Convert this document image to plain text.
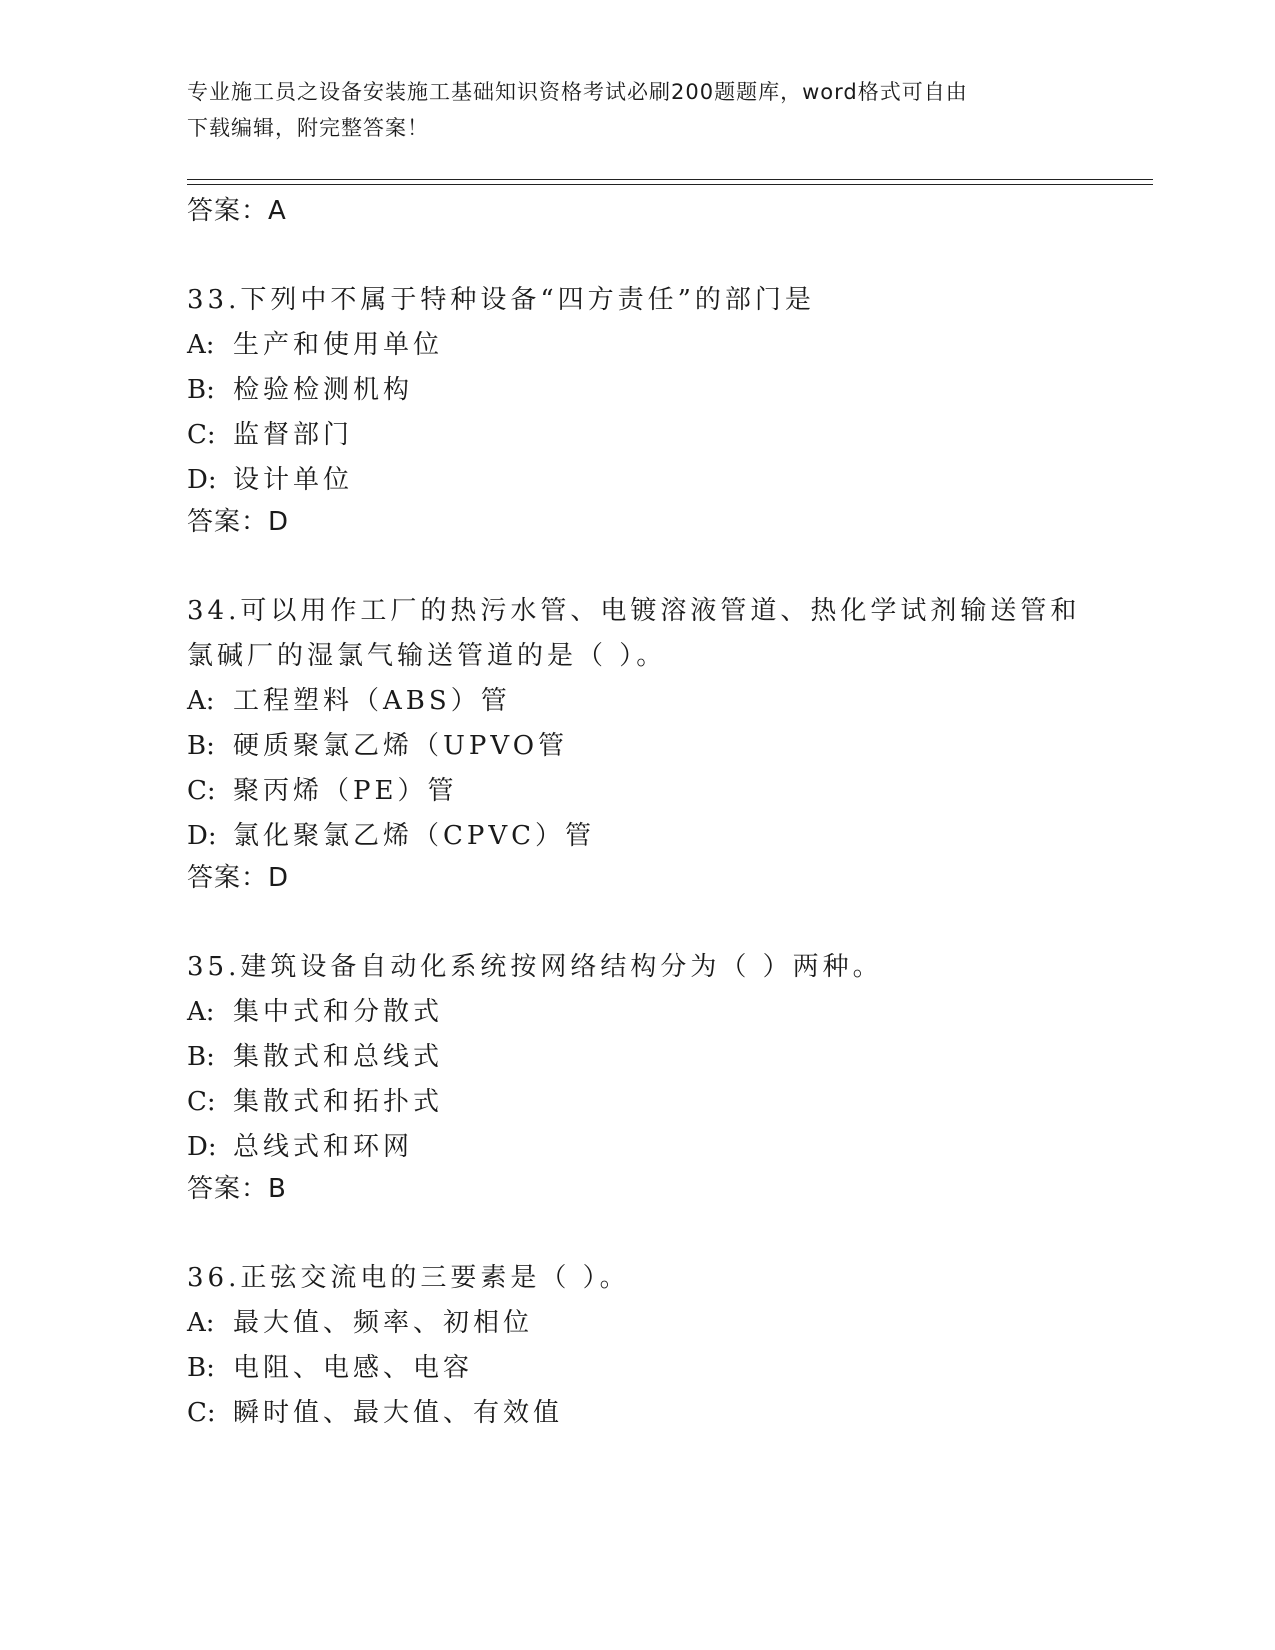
专业施工员之设备安装施工基础知识资格考试必刷200题题库，word格式可自由
下载编辑，附完整答案！
答案：A
33.下列中不属于特种设备“四方责任”的部门是
A: 生产和使用单位
B: 检验检测机构
C: 监督部门
D: 设计单位
答案：D
34.可以用作工厂的热污水管、电镀溶液管道、热化学试剂输送管和氯碱厂的湿氯气输送管道的是（ ）。
A: 工程塑料（ABS）管
B: 硬质聚氯乙烯（UPVO管
C: 聚丙烯（PE）管
D: 氯化聚氯乙烯（CPVC）管
答案：D
35.建筑设备自动化系统按网络结构分为（ ）两种。
A: 集中式和分散式
B: 集散式和总线式
C: 集散式和拓扑式
D: 总线式和环网
答案：B
36.正弦交流电的三要素是（ ）。
A: 最大值、频率、初相位
B: 电阻、电感、电容
C: 瞬时值、最大值、有效值
